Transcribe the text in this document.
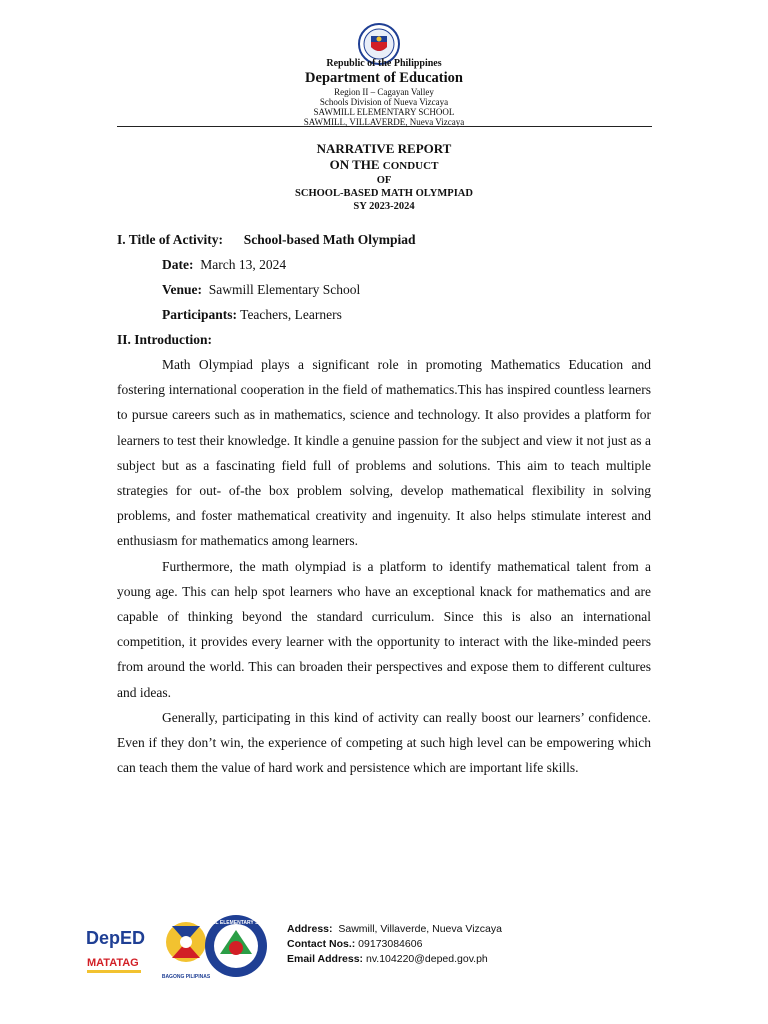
Republic of the Philippines
Department of Education
Region II – Cagayan Valley
Schools Division of Nueva Vizcaya
SAWMILL ELEMENTARY SCHOOL
SAWMILL, VILLAVERDE, Nueva Vizcaya
NARRATIVE REPORT
ON THE CONDUCT
OF
SCHOOL-BASED MATH OLYMPIAD
SY 2023-2024
I. Title of Activity: School-based Math Olympiad
Date: March 13, 2024
Venue: Sawmill Elementary School
Participants: Teachers, Learners
II. Introduction:

Math Olympiad plays a significant role in promoting Mathematics Education and fostering international cooperation in the field of mathematics.This has inspired countless learners to pursue careers such as in mathematics, science and technology. It also provides a platform for learners to test their knowledge. It kindle a genuine passion for the subject and view it not just as a subject but as a fascinating field full of problems and solutions. This aim to teach multiple strategies for out- of-the box problem solving, develop mathematical flexibility in solving problems, and foster mathematical creativity and ingenuity. It also helps stimulate interest and enthusiasm for mathematics among learners.

Furthermore, the math olympiad is a platform to identify mathematical talent from a young age. This can help spot learners who have an exceptional knack for mathematics and are capable of thinking beyond the standard curriculum. Since this is also an international competition, it provides every learner with the opportunity to interact with the like-minded peers from around the world. This can broaden their perspectives and expose them to different cultures and ideas.

Generally, participating in this kind of activity can really boost our learners’ confidence. Even if they don’t win, the experience of competing at such high level can be empowering which can teach them the value of hard work and persistence which are important life skills.

DepED
MATATAG
BAGONG PILIPINAS
SAWMILL ELEMENTARY SCHOOL Address: Sawmill, Villaverde, Nueva Vizcaya
Contact Nos.: 09173084606
Email Address: nv.104220@deped.gov.ph
